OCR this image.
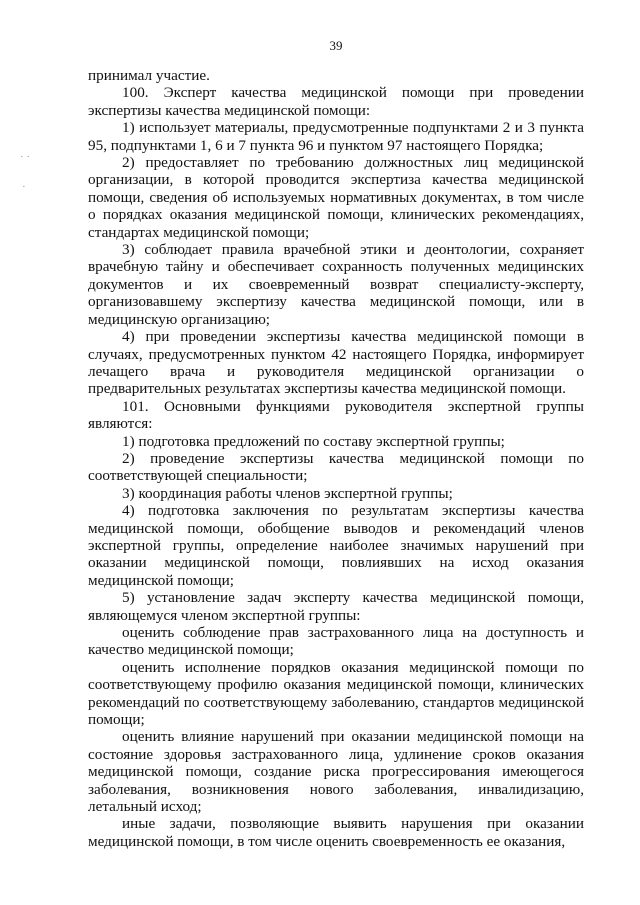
39

принимал участие.

100. Эксперт качества медицинской помощи при проведении экспертизы качества медицинской помощи:

1) использует материалы, предусмотренные подпунктами 2 и 3 пункта 95, подпунктами 1, 6 и 7 пункта 96 и пунктом 97 настоящего Порядка;

2) предоставляет по требованию должностных лиц медицинской организации, в которой проводится экспертиза качества медицинской помощи, сведения об используемых нормативных документах, в том числе о порядках оказания медицинской помощи, клинических рекомендациях, стандартах медицинской помощи;

3) соблюдает правила врачебной этики и деонтологии, сохраняет врачебную тайну и обеспечивает сохранность полученных медицинских документов и их своевременный возврат специалисту-эксперту, организовавшему экспертизу качества медицинской помощи, или в медицинскую организацию;

4) при проведении экспертизы качества медицинской помощи в случаях, предусмотренных пунктом 42 настоящего Порядка, информирует лечащего врача и руководителя медицинской организации о предварительных результатах экспертизы качества медицинской помощи.

101. Основными функциями руководителя экспертной группы являются:

1) подготовка предложений по составу экспертной группы;

2) проведение экспертизы качества медицинской помощи по соответствующей специальности;

3) координация работы членов экспертной группы;

4) подготовка заключения по результатам экспертизы качества медицинской помощи, обобщение выводов и рекомендаций членов экспертной группы, определение наиболее значимых нарушений при оказании медицинской помощи, повлиявших на исход оказания медицинской помощи;

5) установление задач эксперту качества медицинской помощи, являющемуся членом экспертной группы:

оценить соблюдение прав застрахованного лица на доступность и качество медицинской помощи;

оценить исполнение порядков оказания медицинской помощи по соответствующему профилю оказания медицинской помощи, клинических рекомендаций по соответствующему заболеванию, стандартов медицинской помощи;

оценить влияние нарушений при оказании медицинской помощи на состояние здоровья застрахованного лица, удлинение сроков оказания медицинской помощи, создание риска прогрессирования имеющегося заболевания, возникновения нового заболевания, инвалидизацию, летальный исход;

иные задачи, позволяющие выявить нарушения при оказании медицинской помощи, в том числе оценить своевременность ее оказания,

· ·
·
